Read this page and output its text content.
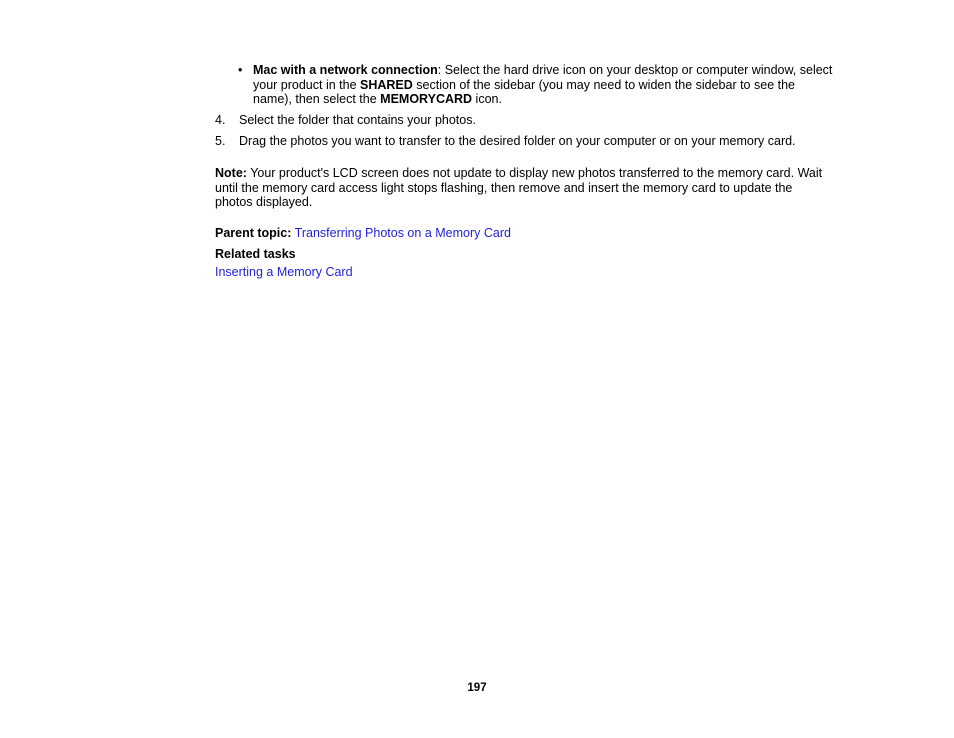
• Mac with a network connection: Select the hard drive icon on your desktop or computer window, select your product in the SHARED section of the sidebar (you may need to widen the sidebar to see the name), then select the MEMORYCARD icon.
4. Select the folder that contains your photos.
5. Drag the photos you want to transfer to the desired folder on your computer or on your memory card.
Note: Your product's LCD screen does not update to display new photos transferred to the memory card. Wait until the memory card access light stops flashing, then remove and insert the memory card to update the photos displayed.
Parent topic: Transferring Photos on a Memory Card
Related tasks
Inserting a Memory Card
197
